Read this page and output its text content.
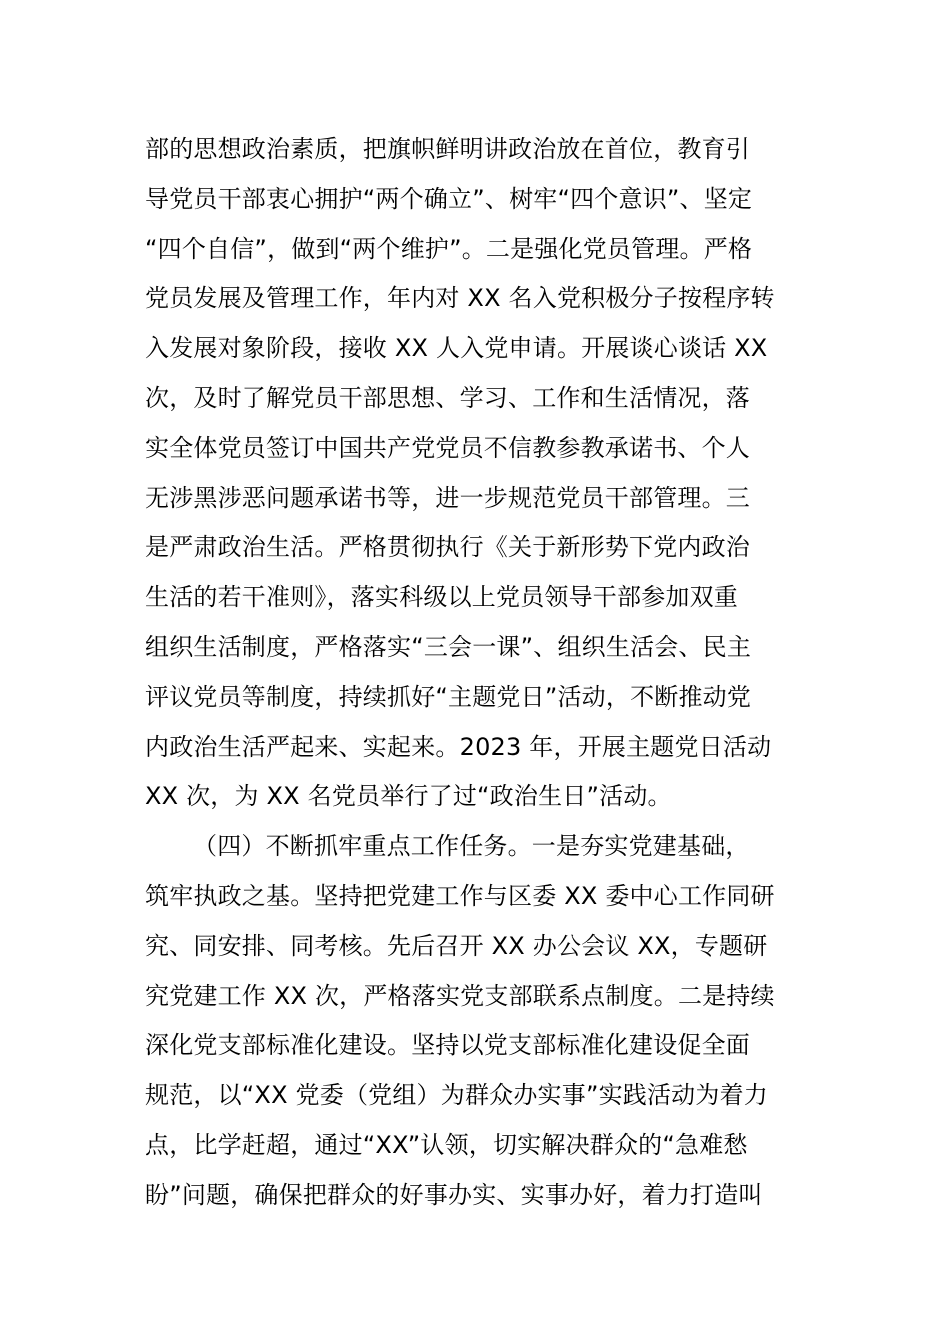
部的思想政治素质，把旗帜鲜明讲政治放在首位，教育引
导党员干部衷心拥护“两个确立”、树牢“四个意识”、坚定
“四个自信”，做到“两个维护”。二是强化党员管理。严格
党员发展及管理工作，年内对 XX 名入党积极分子按程序转
入发展对象阶段，接收 XX 人入党申请。开展谈心谈话 XX
次，及时了解党员干部思想、学习、工作和生活情况，落
实全体党员签订中国共产党党员不信教参教承诺书、个人
无涉黑涉恶问题承诺书等，进一步规范党员干部管理。三
是严肃政治生活。严格贯彻执行《关于新形势下党内政治
生活的若干准则》，落实科级以上党员领导干部参加双重
组织生活制度，严格落实“三会一课”、组织生活会、民主
评议党员等制度，持续抓好“主题党日”活动，不断推动党
内政治生活严起来、实起来。2023 年，开展主题党日活动
XX 次，为 XX 名党员举行了过“政治生日”活动。
（四）不断抓牢重点工作任务。一是夯实党建基础，
筑牢执政之基。坚持把党建工作与区委 XX 委中心工作同研
究、同安排、同考核。先后召开 XX 办公会议 XX，专题研
究党建工作 XX 次，严格落实党支部联系点制度。二是持续
深化党支部标准化建设。坚持以党支部标准化建设促全面
规范，以“XX 党委（党组）为群众办实事”实践活动为着力
点，比学赶超，通过“XX”认领，切实解决群众的“急难愁
盼”问题，确保把群众的好事办实、实事办好，着力打造叫
